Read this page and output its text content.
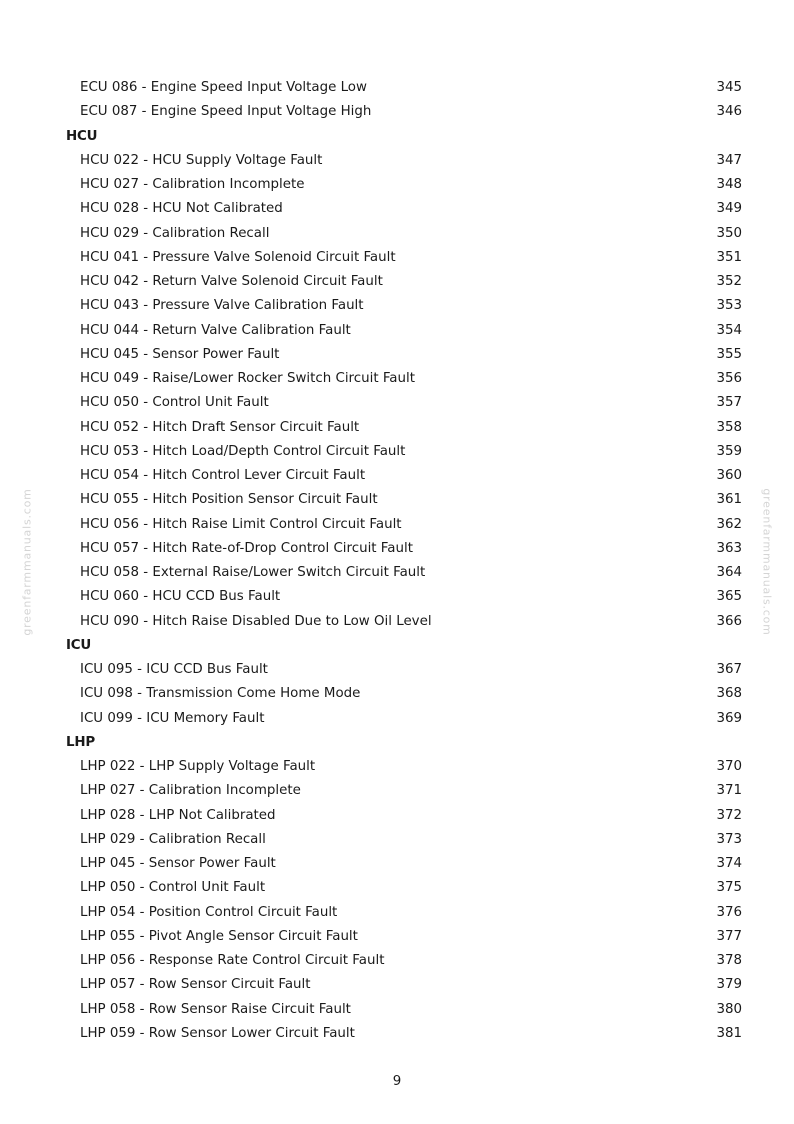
greenfarmmanuals.com	greenfarmmanuals.com
ECU 086 - Engine Speed Input Voltage Low	345
ECU 087 - Engine Speed Input Voltage High	346
HCU
HCU 022 - HCU Supply Voltage Fault	347
HCU 027 - Calibration Incomplete	348
HCU 028 - HCU Not Calibrated	349
HCU 029 - Calibration Recall	350
HCU 041 - Pressure Valve Solenoid Circuit Fault	351
HCU 042 - Return Valve Solenoid Circuit Fault	352
HCU 043 - Pressure Valve Calibration Fault	353
HCU 044 - Return Valve Calibration Fault	354
HCU 045 - Sensor Power Fault	355
HCU 049 - Raise/Lower Rocker Switch Circuit Fault	356
HCU 050 - Control Unit Fault	357
HCU 052 - Hitch Draft Sensor Circuit Fault	358
HCU 053 - Hitch Load/Depth Control Circuit Fault	359
HCU 054 - Hitch Control Lever Circuit Fault	360
HCU 055 - Hitch Position Sensor Circuit Fault	361
HCU 056 - Hitch Raise Limit Control Circuit Fault	362
HCU 057 - Hitch Rate-of-Drop Control Circuit Fault	363
HCU 058 - External Raise/Lower Switch Circuit Fault	364
HCU 060 - HCU CCD Bus Fault	365
HCU 090 - Hitch Raise Disabled Due to Low Oil Level	366
ICU
ICU 095 - ICU CCD Bus Fault	367
ICU 098 - Transmission Come Home Mode	368
ICU 099 - ICU Memory Fault	369
LHP
LHP 022 - LHP Supply Voltage Fault	370
LHP 027 - Calibration Incomplete	371
LHP 028 - LHP Not Calibrated	372
LHP 029 - Calibration Recall	373
LHP 045 - Sensor Power Fault	374
LHP 050 - Control Unit Fault	375
LHP 054 - Position Control Circuit Fault	376
LHP 055 - Pivot Angle Sensor Circuit Fault	377
LHP 056 - Response Rate Control Circuit Fault	378
LHP 057 - Row Sensor Circuit Fault	379
LHP 058 - Row Sensor Raise Circuit Fault	380
LHP 059 - Row Sensor Lower Circuit Fault	381
9
